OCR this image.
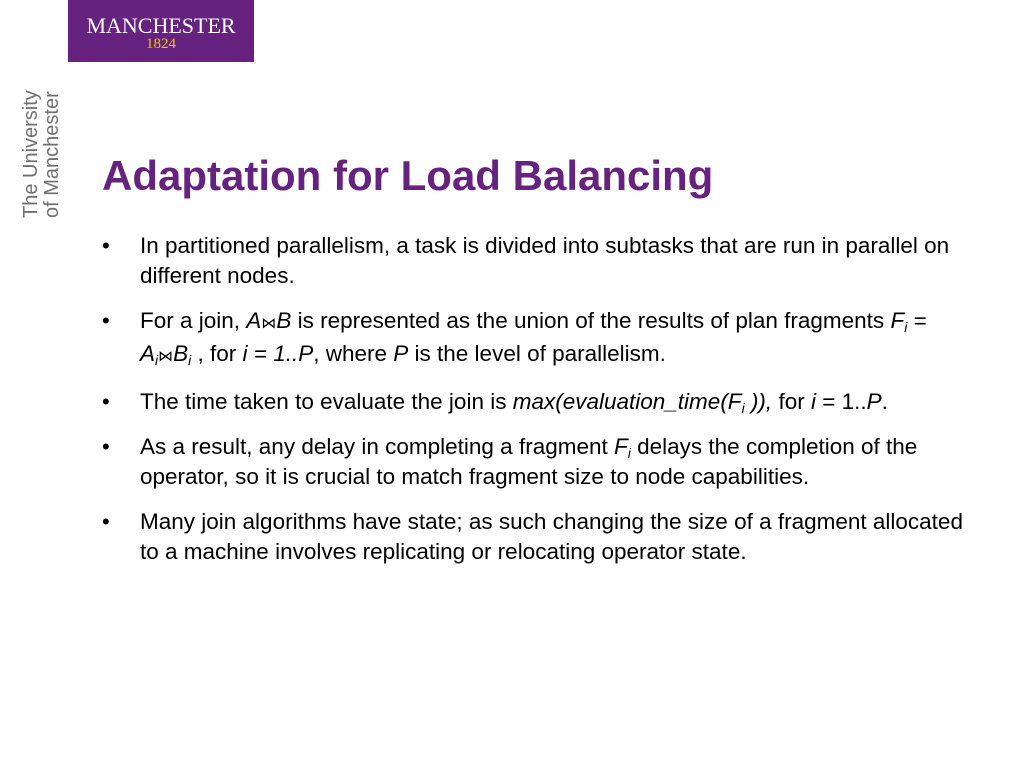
MANCHESTER
1824
The University of Manchester Adaptation for Load Balancing
• In partitioned parallelism, a task is divided into subtasks that are run in parallel on different nodes.
• For a join, A⋈B is represented as the union of the results of plan fragments $F_i$ = $A_i⋈B_i$ , for i = 1..P, where P is the level of parallelism.
• The time taken to evaluate the join is $\max(evaluation\_time(F_i$ )), for i = 1..P.
• As a result, any delay in completing a fragment $F_i$ delays the completion of the operator, so it is crucial to match fragment size to node capabilities.
• Many join algorithms have state; as such changing the size of a fragment allocated to a machine involves replicating or relocating operator state.
